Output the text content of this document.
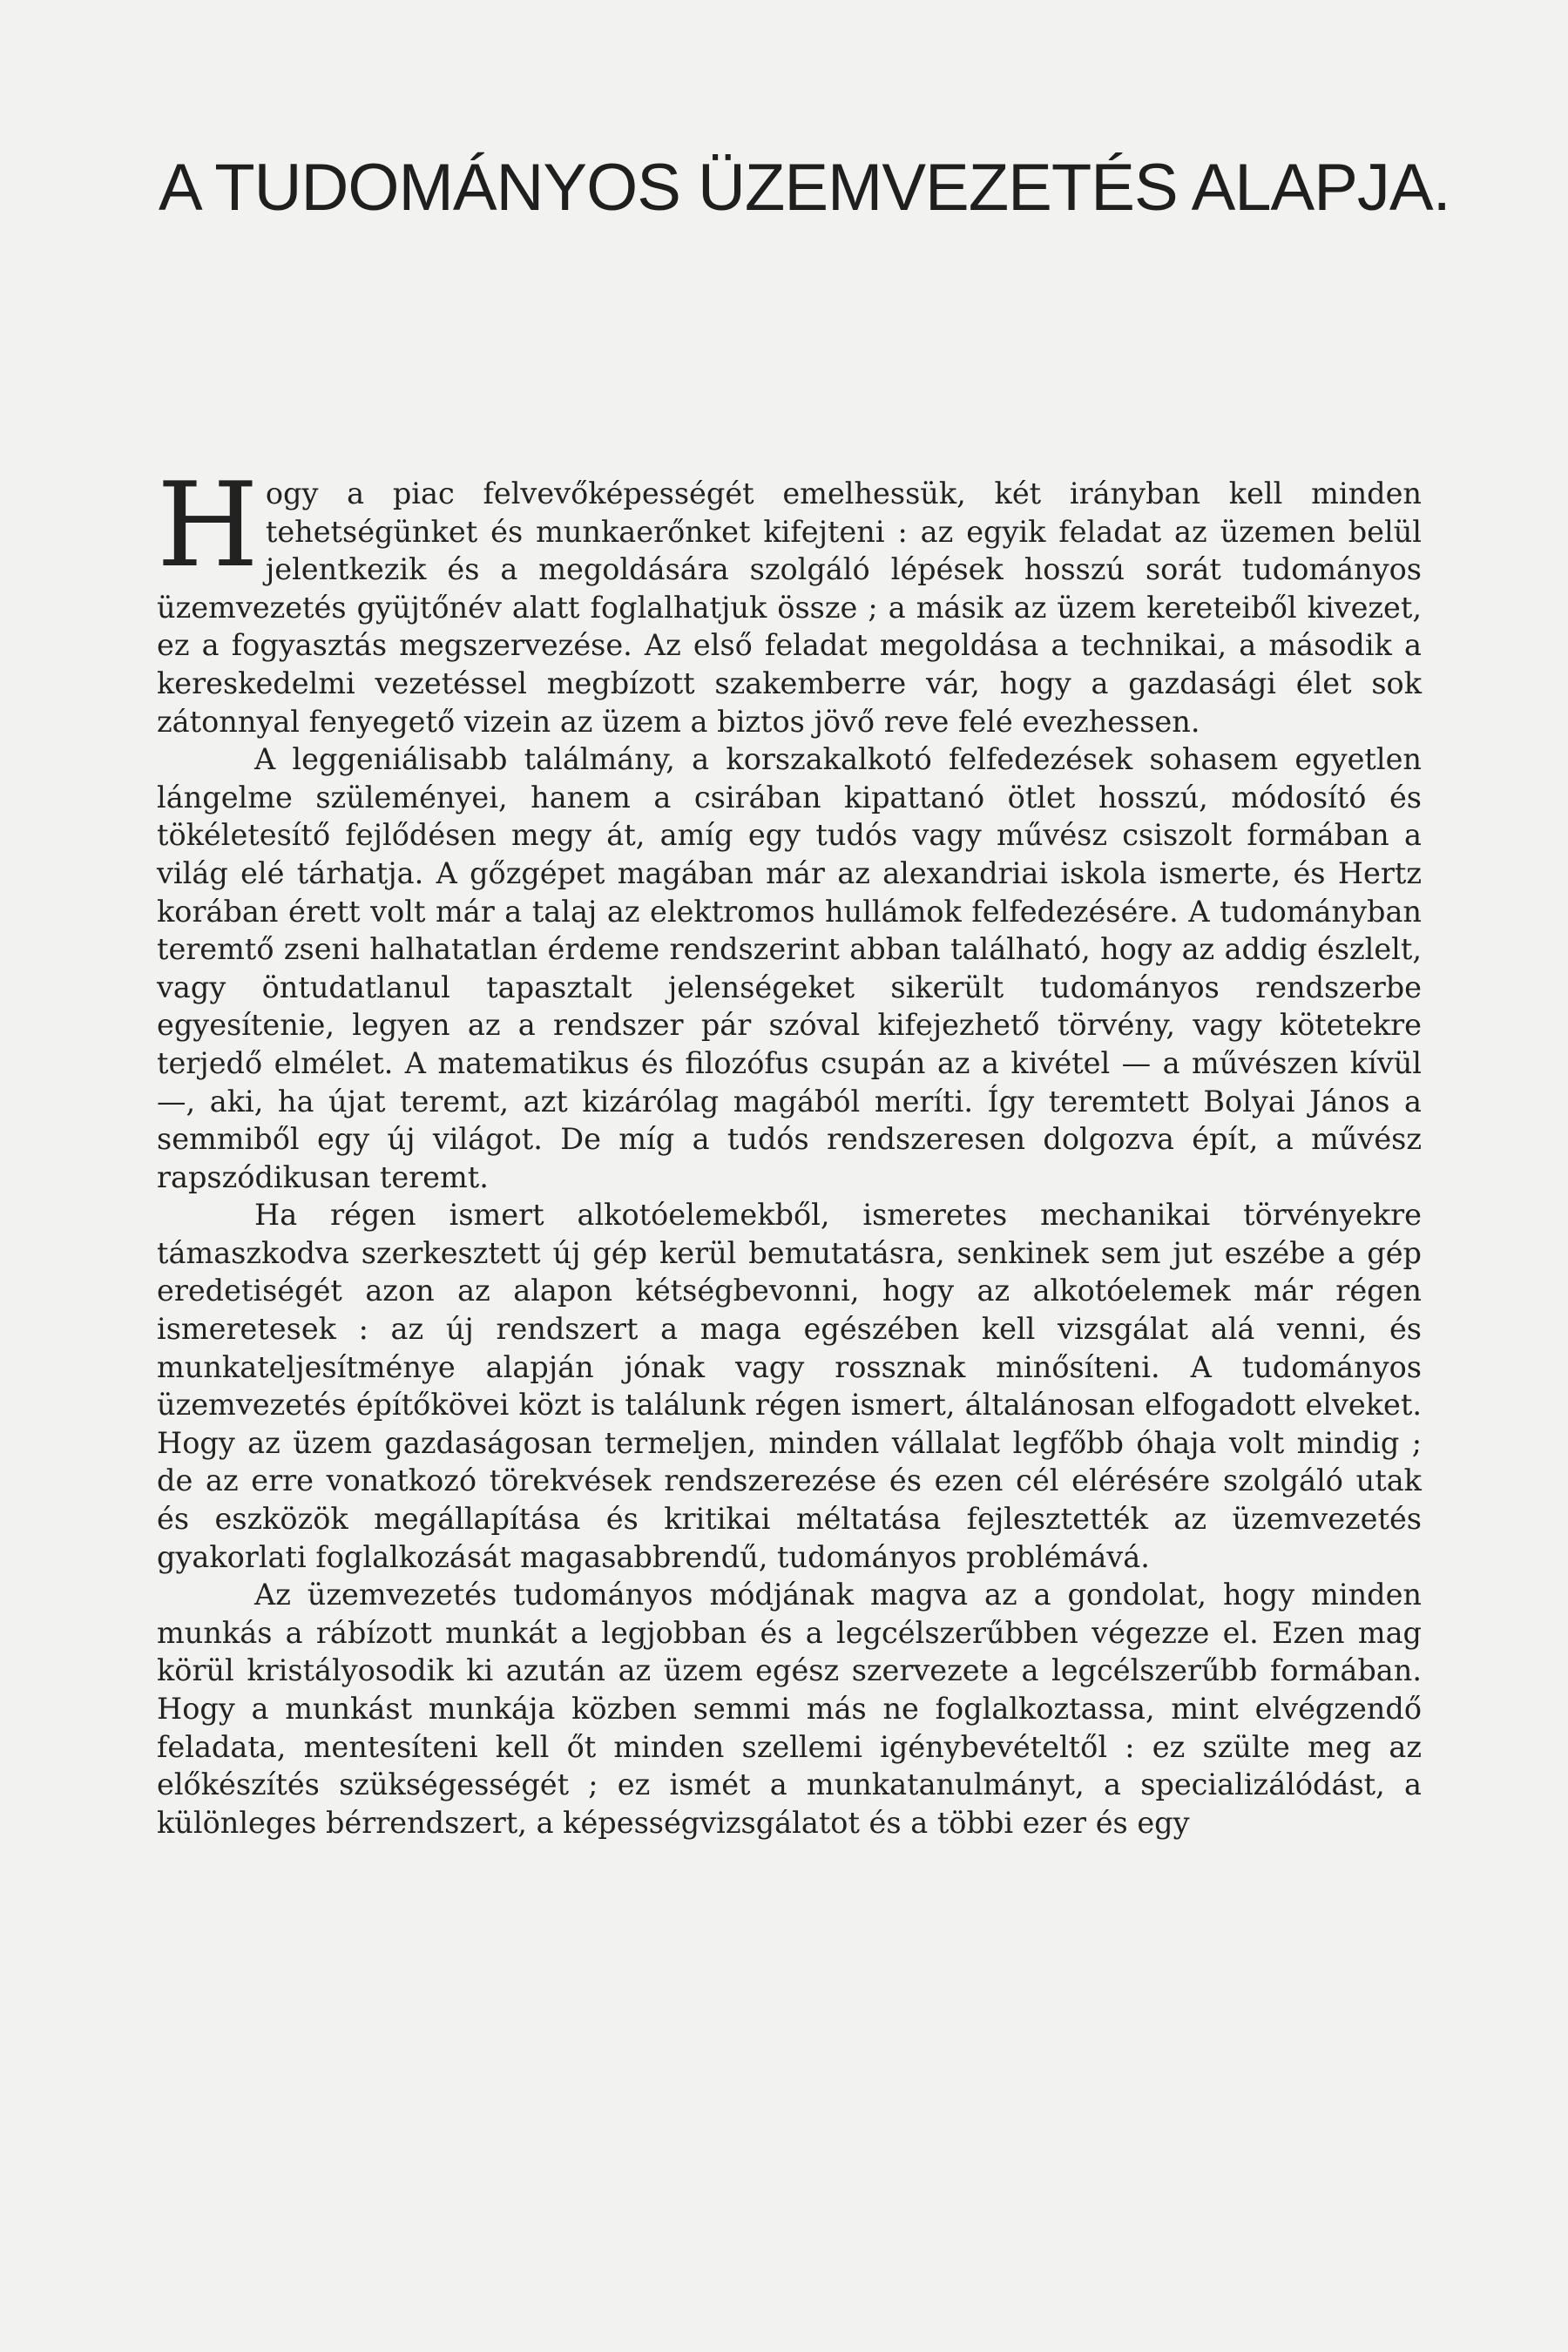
A TUDOMÁNYOS ÜZEMVEZETÉS ALAPJA.

Hogy a piac felvevőképességét emelhessük, két irányban kell minden tehetségünket és munkaerőnket kifejteni : az egyik feladat az üzemen belül jelentkezik és a megoldására szolgáló lépések hosszú sorát tudományos üzemvezetés gyüjtőnév alatt foglalhatjuk össze ; a másik az üzem kereteiből kivezet, ez a fogyasztás megszervezése. Az első feladat megoldása a technikai, a második a kereskedelmi vezetéssel megbízott szakemberre vár, hogy a gazdasági élet sok zátonnyal fenyegető vizein az üzem a biztos jövő reve felé evezhessen.

A leggeniálisabb találmány, a korszakalkotó felfedezések sohasem egyetlen lángelme szüleményei, hanem a csirában kipattanó ötlet hosszú, módosító és tökéletesítő fejlődésen megy át, amíg egy tudós vagy művész csiszolt formában a világ elé tárhatja. A gőzgépet magában már az alexandriai iskola ismerte, és Hertz korában érett volt már a talaj az elektromos hullámok felfedezésére. A tudományban teremtő zseni halhatatlan érdeme rendszerint abban található, hogy az addig észlelt, vagy öntudatlanul tapasztalt jelenségeket sikerült tudományos rendszerbe egyesítenie, legyen az a rendszer pár szóval kifejezhető törvény, vagy kötetekre terjedő elmélet. A matematikus és filozófus csupán az a kivétel — a művészen kívül —, aki, ha újat teremt, azt kizárólag magából meríti. Így teremtett Bolyai János a semmiből egy új világot. De míg a tudós rendszeresen dolgozva épít, a művész rapszódikusan teremt.

Ha régen ismert alkotóelemekből, ismeretes mechanikai törvényekre támaszkodva szerkesztett új gép kerül bemutatásra, senkinek sem jut eszébe a gép eredetiségét azon az alapon kétségbevonni, hogy az alkotóelemek már régen ismeretesek : az új rendszert a maga egészében kell vizsgálat alá venni, és munkateljesítménye alapján jónak vagy rossznak minősíteni. A tudományos üzemvezetés építőkövei közt is találunk régen ismert, általánosan elfogadott elveket. Hogy az üzem gazdaságosan termeljen, minden vállalat legfőbb óhaja volt mindig ; de az erre vonatkozó törekvések rendszerezése és ezen cél elérésére szolgáló utak és eszközök megállapítása és kritikai méltatása fejlesztették az üzemvezetés gyakorlati foglalkozását magasabbrendű, tudományos problémává.

Az üzemvezetés tudományos módjának magva az a gondolat, hogy minden munkás a rábízott munkát a legjobban és a legcélszerűbben végezze el. Ezen mag körül kristályosodik ki azután az üzem egész szervezete a legcélszerűbb formában. Hogy a munkást munkája közben semmi más ne foglalkoztassa, mint elvégzendő feladata, mentesíteni kell őt minden szellemi igénybevételtől : ez szülte meg az előkészítés szükségességét ; ez ismét a munkatanulmányt, a specializálódást, a különleges bérrendszert, a képességvizsgálatot és a többi ezer és egy
